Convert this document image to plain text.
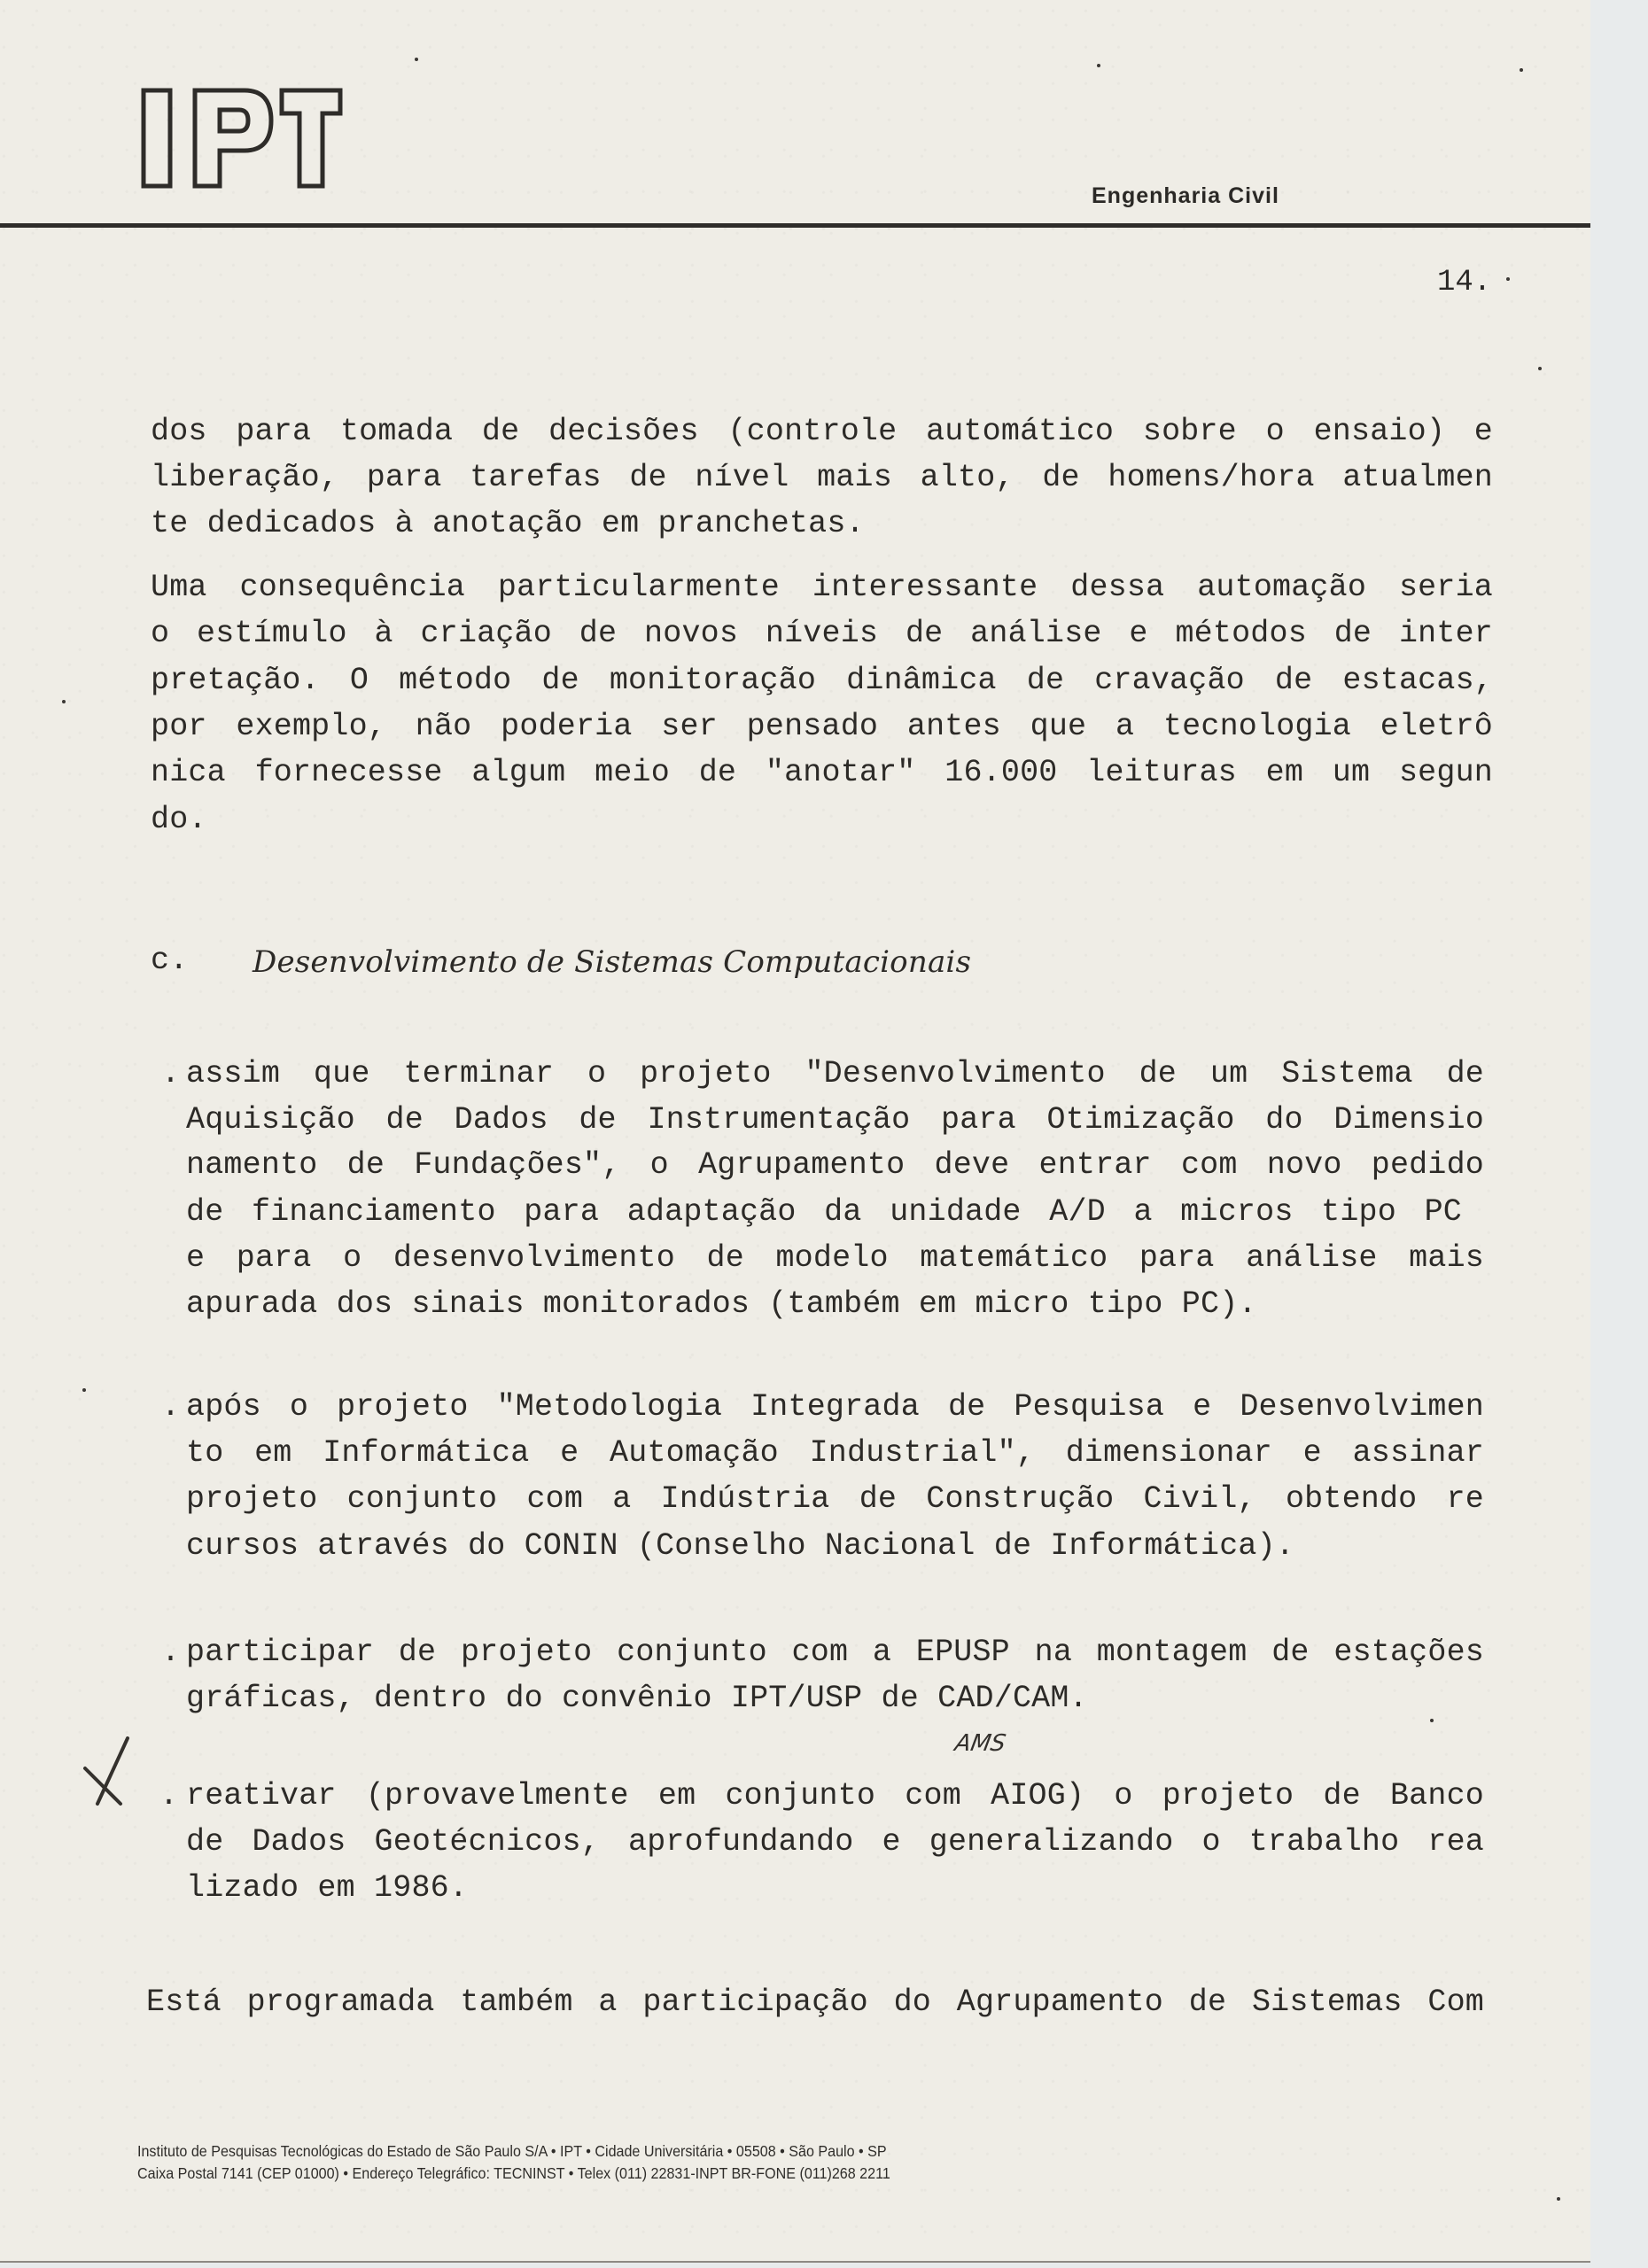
Engenharia Civil
14.
dos para tomada de decisões (controle automático sobre o ensaio) e
liberação, para tarefas de nível mais alto, de homens/hora atualmen
te dedicados à anotação em pranchetas.
Uma consequência particularmente interessante dessa automação seria
o estímulo à criação de novos níveis de análise e métodos de inter
pretação. O método de monitoração dinâmica de cravação de estacas,
por exemplo, não poderia ser pensado antes que a tecnologia eletrô
nica fornecesse algum meio de "anotar" 16.000 leituras em um segun
do.
c. Desenvolvimento de Sistemas Computacionais
. assim que terminar o projeto "Desenvolvimento de um Sistema de
Aquisição de Dados de Instrumentação para Otimização do Dimensio
namento de Fundações", o Agrupamento deve entrar com novo pedido
de financiamento para adaptação da unidade A/D a micros tipo PC
e para o desenvolvimento de modelo matemático para análise mais
apurada dos sinais monitorados (também em micro tipo PC).
. após o projeto "Metodologia Integrada de Pesquisa e Desenvolvimen
to em Informática e Automação Industrial", dimensionar e assinar
projeto conjunto com a Indústria de Construção Civil, obtendo re
cursos através do CONIN (Conselho Nacional de Informática).
. participar de projeto conjunto com a EPUSP na montagem de estações
gráficas, dentro do convênio IPT/USP de CAD/CAM.
AMS
. reativar (provavelmente em conjunto com AIOG) o projeto de Banco
de Dados Geotécnicos, aprofundando e generalizando o trabalho rea
lizado em 1986.
Está programada também a participação do Agrupamento de Sistemas Com
Instituto de Pesquisas Tecnológicas do Estado de São Paulo S/A • IPT • Cidade Universitária • 05508 • São Paulo • SP
Caixa Postal 7141 (CEP 01000) • Endereço Telegráfico: TECNINST • Telex (011) 22831-INPT BR-FONE (011)268 2211
